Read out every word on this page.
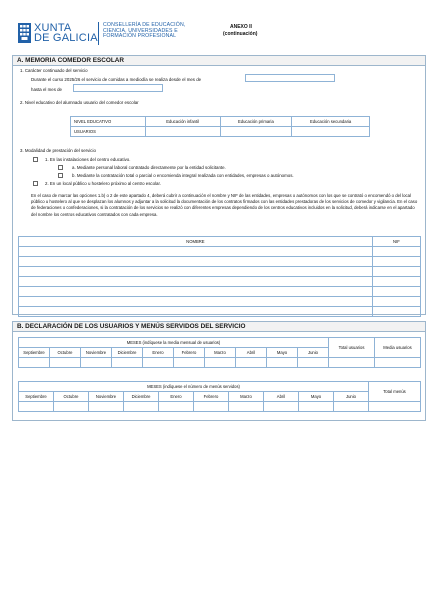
XUNTA
DE GALICIA
CONSELLERÍA DE EDUCACIÓN,
CIENCIA, UNIVERSIDADES E
FORMACIÓN PROFESIONAL
ANEXO II
(continuación)
A. MEMORIA COMEDOR ESCOLAR
1. Carácter continuado del servicio
Durante el curso 2025/26 el servicio de comidas a mediodía se realiza desde el mes de
hasta el mes de
2. Nivel educativo del alumnado usuario del comedor escolar
NIVEL EDUCATIVO	Educación infantil	Educación primaria	Educación secundaria
USUARIOS			
3. Modalidad de prestación del servicio
1. En las instalaciones del centro educativo.
a. Mediante personal laboral contratado directamente por la entidad solicitante.
b. Mediante la contratación total o parcial o encomienda integral realizada con entidades, empresas o autónomos.
2. En un local público u hostelero próximo al centro escolar.
En el caso de marcar las opciones 1.b) o 2 de este apartado 4, deberá cubrir a continuación el nombre y NIF de las entidades, empresas o autónomos con los que se contrató o encomendó o del local público u hostelero al que se desplazan los alumnos y adjuntar a la solicitud la documentación de los contratos firmados con las entidades prestadoras de los servicios de comedor y vigilancia. En el caso de federaciones o confederaciones, si la contratación de los servicios se realizó con diferentes empresas dependiendo de los centros educativos incluidos en la solicitud, deberá indicarse en el apartado del nombre los centros educativos contratados con cada empresa.
NOMBRE	NIF

B. DECLARACIÓN DE LOS USUARIOS Y MENÚS SERVIDOS DEL SERVICIO
MESES (indíquese la media mensual de usuarios)										Total usuarios	Media usuarios
Septiembre	Octubre	Noviembre	Diciembre	Enero	Febrero	Marzo	Abril	Mayo	Junio		

MESES (indíquese el número de menús servidos)										Total menús
Septiembre	Octubre	Noviembre	Diciembre	Enero	Febrero	Marzo	Abril	Mayo	Junio	
